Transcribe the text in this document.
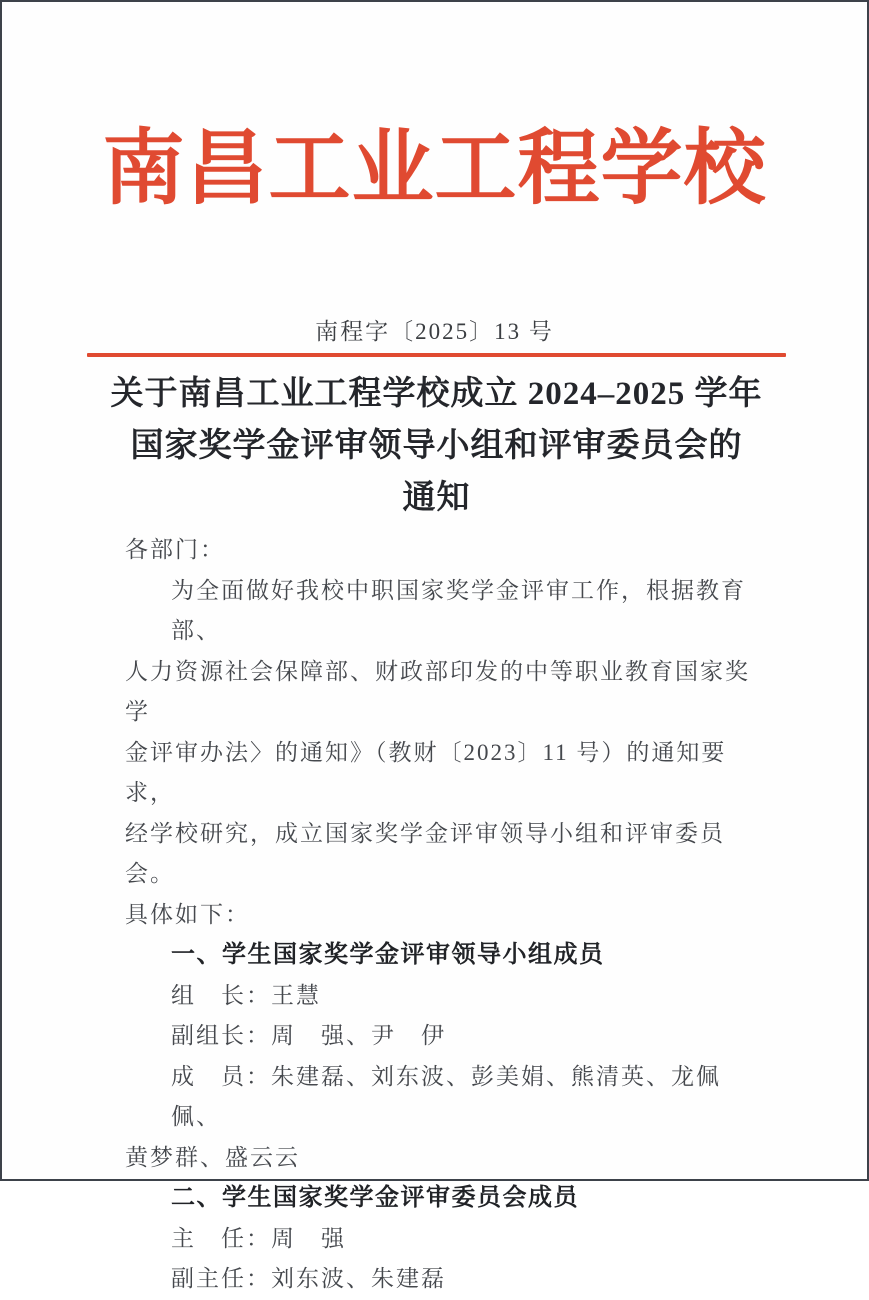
南昌工业工程学校
南程字〔2025〕13 号
关于南昌工业工程学校成立 2024–2025 学年
国家奖学金评审领导小组和评审委员会的
通知
各部门：
为全面做好我校中职国家奖学金评审工作，根据教育部、
人力资源社会保障部、财政部印发的中等职业教育国家奖学
金评审办法〉的通知》（教财〔2023〕11 号）的通知要求，
经学校研究，成立国家奖学金评审领导小组和评审委员会。
具体如下：
一、学生国家奖学金评审领导小组成员
组　长：王慧
副组长：周　强、尹　伊
成　员：朱建磊、刘东波、彭美娟、熊清英、龙佩佩、
黄梦群、盛云云
二、学生国家奖学金评审委员会成员
主　任：周　强
副主任：刘东波、朱建磊
